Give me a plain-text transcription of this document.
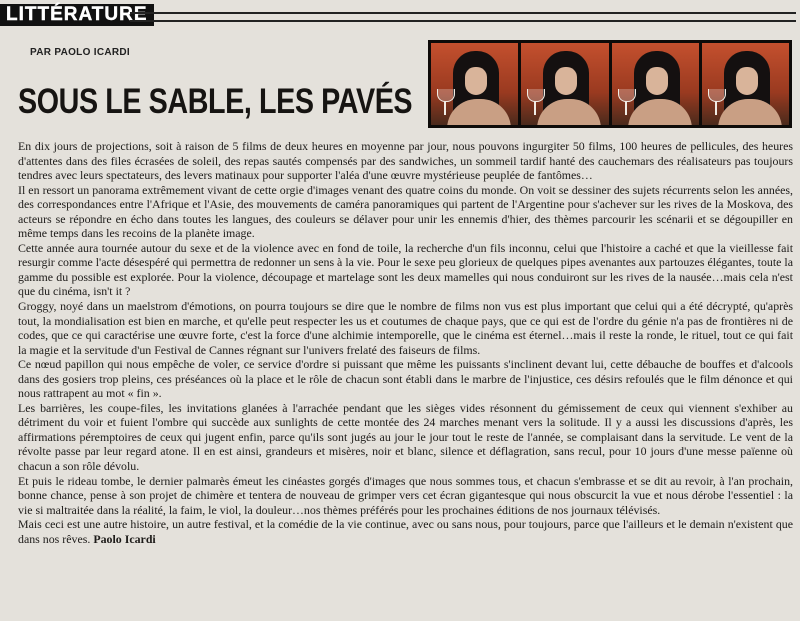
LITTÉRATURE
PAR PAOLO ICARDI
SOUS LE SABLE, LES PAVÉS

En dix jours de projections, soit à raison de 5 films de deux heures en moyenne par jour, nous pouvons ingurgiter 50 films, 100 heures de pellicules, des heures d'attentes dans des files écrasées de soleil, des repas sautés compensés par des sandwiches, un sommeil tardif hanté des cauchemars des réalisateurs pas toujours tendres avec leurs spectateurs, des levers matinaux pour supporter l'aléa d'une œuvre mystérieuse peuplée de fantômes…

Il en ressort un panorama extrêmement vivant de cette orgie d'images venant des quatre coins du monde. On voit se dessiner des sujets récurrents selon les années, des correspondances entre l'Afrique et l'Asie, des mouvements de caméra panoramiques qui partent de l'Argentine pour s'achever sur les rives de la Moskova, des acteurs se répondre en écho dans toutes les langues, des couleurs se délaver pour unir les ennemis d'hier, des thèmes parcourir les scénarii et se dégoupiller en même temps dans les recoins de la planète image.

Cette année aura tournée autour du sexe et de la violence avec en fond de toile, la recherche d'un fils inconnu, celui que l'histoire a caché et que la vieillesse fait resurgir comme l'acte désespéré qui permettra de redonner un sens à la vie. Pour le sexe peu glorieux de quelques pipes avenantes aux partouzes élégantes, toute la gamme du possible est explorée. Pour la violence, découpage et martelage sont les deux mamelles qui nous conduiront sur les rives de la nausée…mais cela n'est que du cinéma, isn't it ?

Groggy, noyé dans un maelstrom d'émotions, on pourra toujours se dire que le nombre de films non vus est plus important que celui qui a été décrypté, qu'après tout, la mondialisation est bien en marche, et qu'elle peut respecter les us et coutumes de chaque pays, que ce qui est de l'ordre du génie n'a pas de frontières ni de codes, que ce qui caractérise une œuvre forte, c'est la force d'une alchimie intemporelle, que le cinéma est éternel…mais il reste la ronde, le rituel, tout ce qui fait la magie et la servitude d'un Festival de Cannes régnant sur l'univers frelaté des faiseurs de films.

Ce nœud papillon qui nous empêche de voler, ce service d'ordre si puissant que même les puissants s'inclinent devant lui, cette débauche de bouffes et d'alcools dans des gosiers trop pleins, ces préséances où la place et le rôle de chacun sont établi dans le marbre de l'injustice, ces désirs refoulés que le film dénonce et qui nous rattrapent au mot « fin ».

Les barrières, les coupe-files, les invitations glanées à l'arrachée pendant que les sièges vides résonnent du gémissement de ceux qui viennent s'exhiber au détriment du voir et fuient l'ombre qui succède aux sunlights de cette montée des 24 marches menant vers la solitude. Il y a aussi les discussions d'après, les affirmations péremptoires de ceux qui jugent enfin, parce qu'ils sont jugés au jour le jour tout le reste de l'année, se complaisant dans la servitude. Le vent de la révolte passe par leur regard atone. Il en est ainsi, grandeurs et misères, noir et blanc, silence et déflagration, sans recul, pour 10 jours d'une messe païenne où chacun a son rôle dévolu.

Et puis le rideau tombe, le dernier palmarès émeut les cinéastes gorgés d'images que nous sommes tous, et chacun s'embrasse et se dit au revoir, à l'an prochain, bonne chance, pense à son projet de chimère et tentera de nouveau de grimper vers cet écran gigantesque qui nous obscurcit la vue et nous dérobe l'essentiel : la vie si maltraitée dans la réalité, la faim, le viol, la douleur…nos thèmes préférés pour les prochaines éditions de nos journaux télévisés.

Mais ceci est une autre histoire, un autre festival, et la comédie de la vie continue, avec ou sans nous, pour toujours, parce que l'ailleurs et le demain n'existent que dans nos rêves. Paolo Icardi
